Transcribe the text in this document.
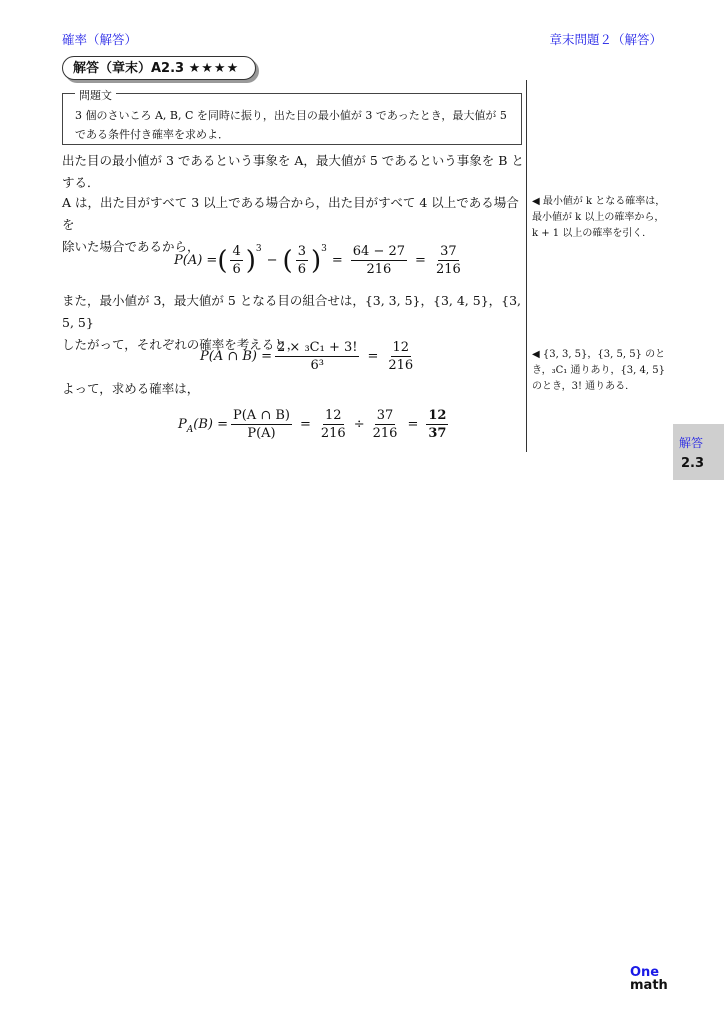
確率（解答）	章末問題２（解答）
解答（章末）A2.3 ★★★★
問題文
3 個のさいころ A, B, C を同時に振り，出た目の最小値が 3 であったとき，最大値が 5
である条件付き確率を求めよ．
出た目の最小値が 3 であるという事象を A，最大値が 5 であるという事象を B と
する．
A は，出た目がすべて 3 以上である場合から，出た目がすべて 4 以上である場合を
除いた場合であるから，
P(A) = ( $\frac{4}{6} )^3$
− ( $\frac{3}{6} )^3$
= $\frac{64 - 27}{216} = \frac{37}{216}$
また，最小値が 3，最大値が 5 となる目の組合せは，{3, 3, 5}，{3, 4, 5}，{3, 5, 5}
したがって，それぞれの確率を考えると，
P(A ∩ $B) = \frac{\text{2 × ₃C₁ + 3!}}{\text{6³}} = \frac{12}{216}$
よって，求める確率は，
$P_A$ $(B) = \frac{P(A \cap B)}{P(A)} = \frac{12}{216} \div \frac{37}{216} = \frac{12}{37}$
◀ 最小値が k となる確率は，
最小値が k 以上の確率から，
k + 1 以上の確率を引く．
◀ {3, 3, 5}，{3, 5, 5} のと
き，₃C₁ 通りあり，{3, 4, 5}
のとき，3! 通りある．
解答
2.3
One
math
